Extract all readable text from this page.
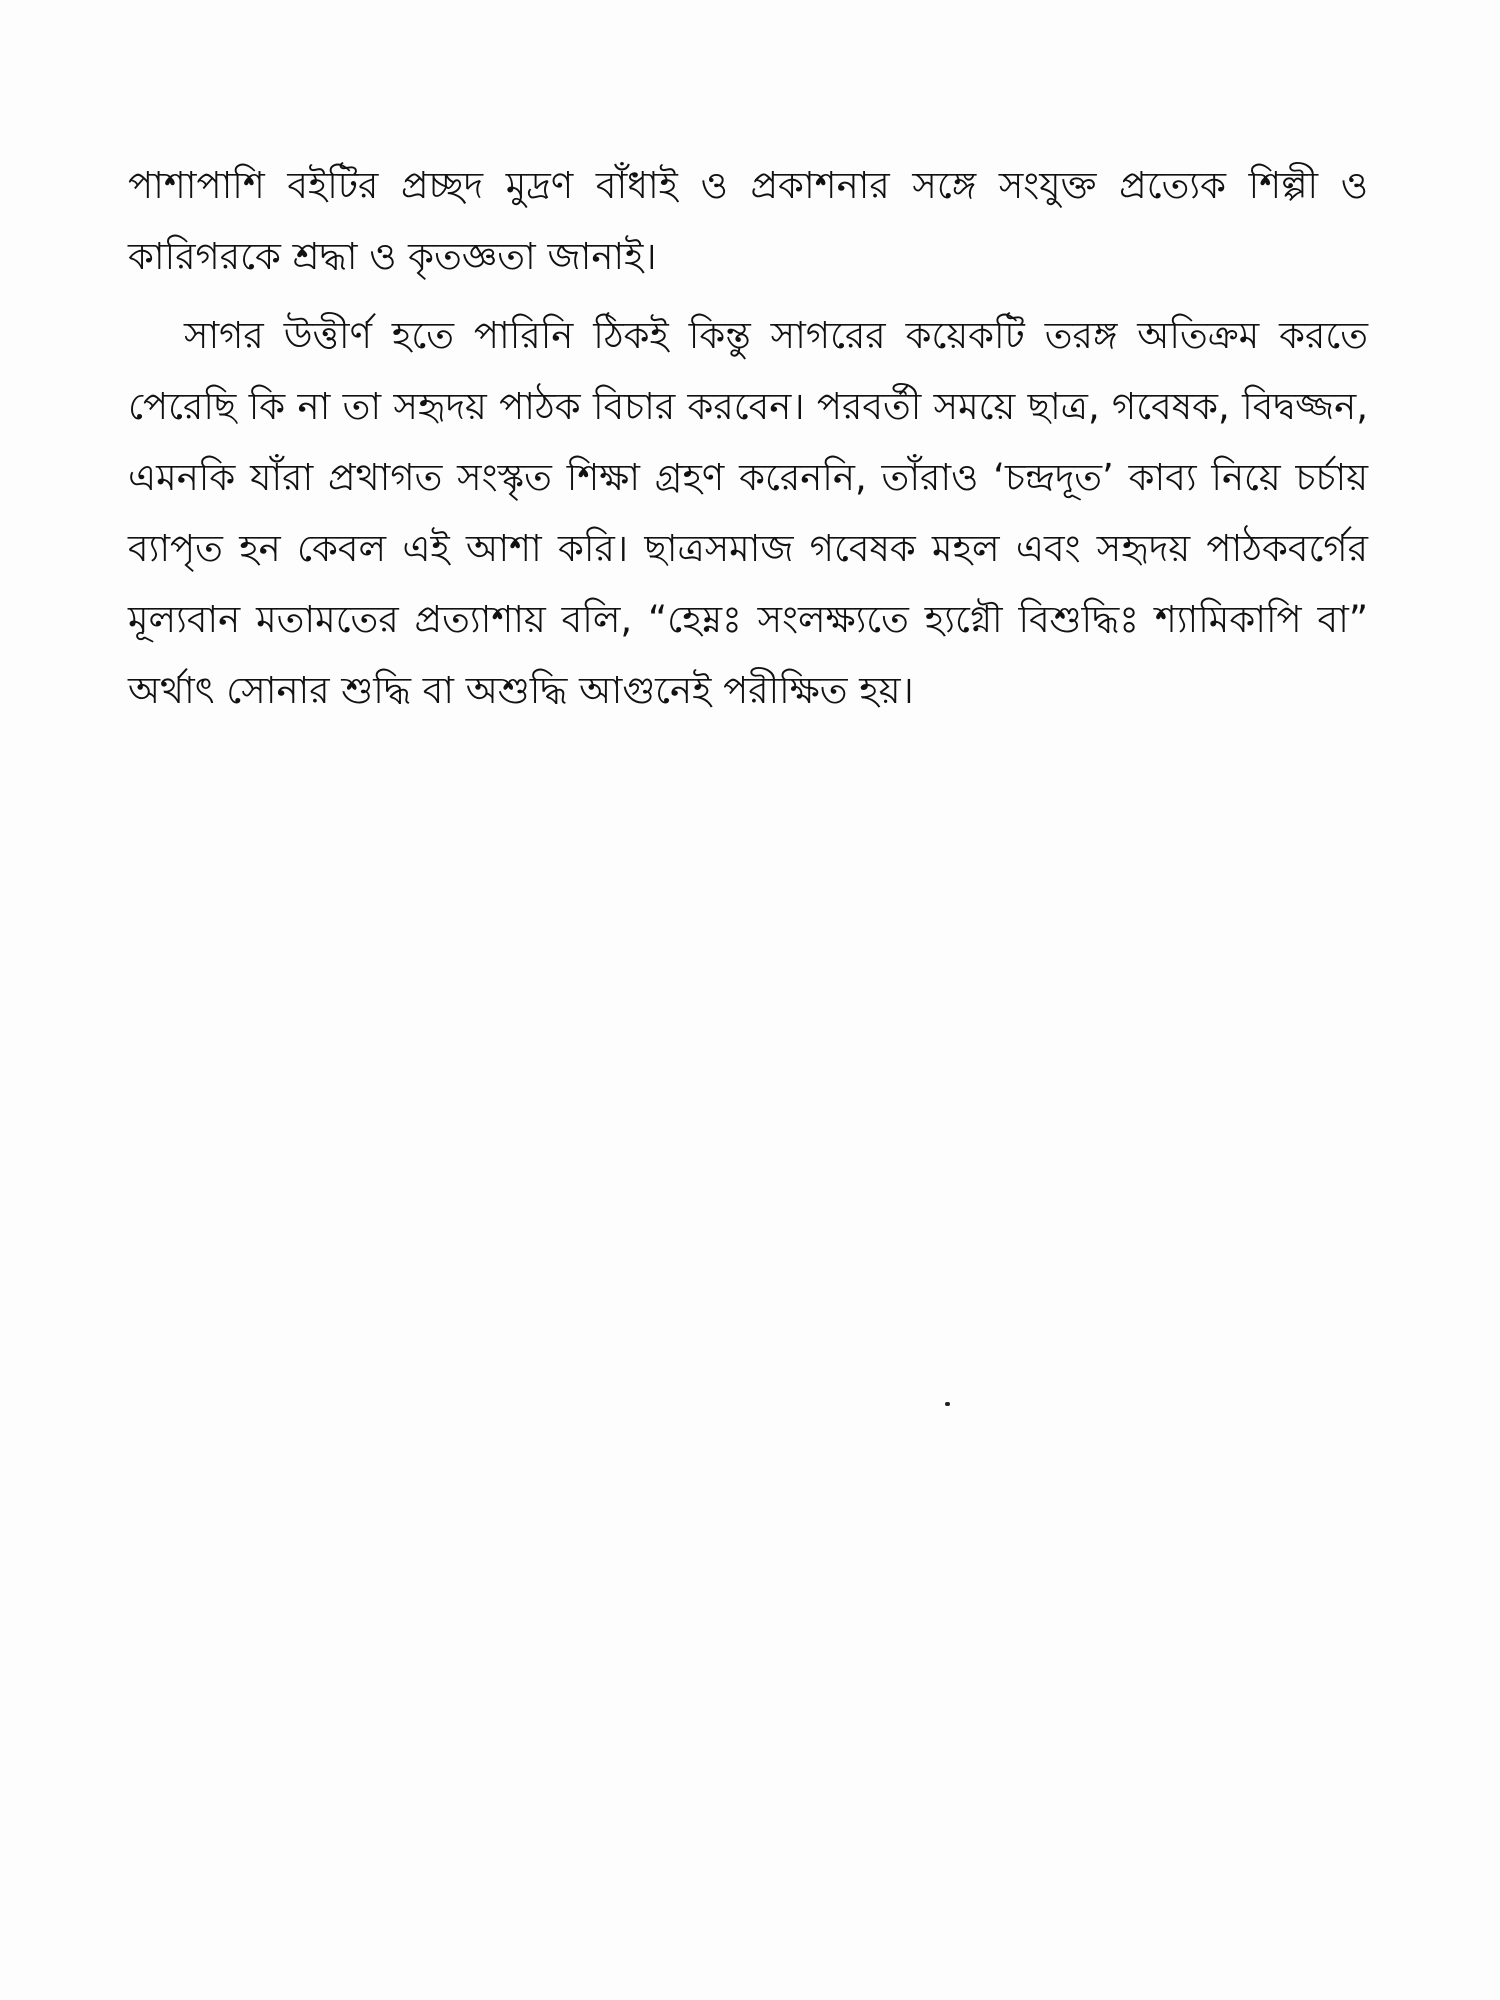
পাশাপাশি বইটির প্রচ্ছদ মুদ্রণ বাঁধাই ও প্রকাশনার সঙ্গে সংযুক্ত প্রত্যেক শিল্পী ও কারিগরকে শ্রদ্ধা ও কৃতজ্ঞতা জানাই।

সাগর উত্তীর্ণ হতে পারিনি ঠিকই কিন্তু সাগরের কয়েকটি তরঙ্গ অতিক্রম করতে পেরেছি কি না তা সহৃদয় পাঠক বিচার করবেন। পরবর্তী সময়ে ছাত্র, গবেষক, বিদ্বজ্জন, এমনকি যাঁরা প্রথাগত সংস্কৃত শিক্ষা গ্রহণ করেননি, তাঁরাও ‘চন্দ্রদূত’ কাব্য নিয়ে চর্চায় ব্যাপৃত হন কেবল এই আশা করি। ছাত্রসমাজ গবেষক মহল এবং সহৃদয় পাঠকবর্গের মূল্যবান মতামতের প্রত্যাশায় বলি, “হেম্নঃ সংলক্ষ্যতে হ্যগ্নৌ বিশুদ্ধিঃ শ্যামিকাপি বা” অর্থাৎ সোনার শুদ্ধি বা অশুদ্ধি আগুনেই পরীক্ষিত হয়।
